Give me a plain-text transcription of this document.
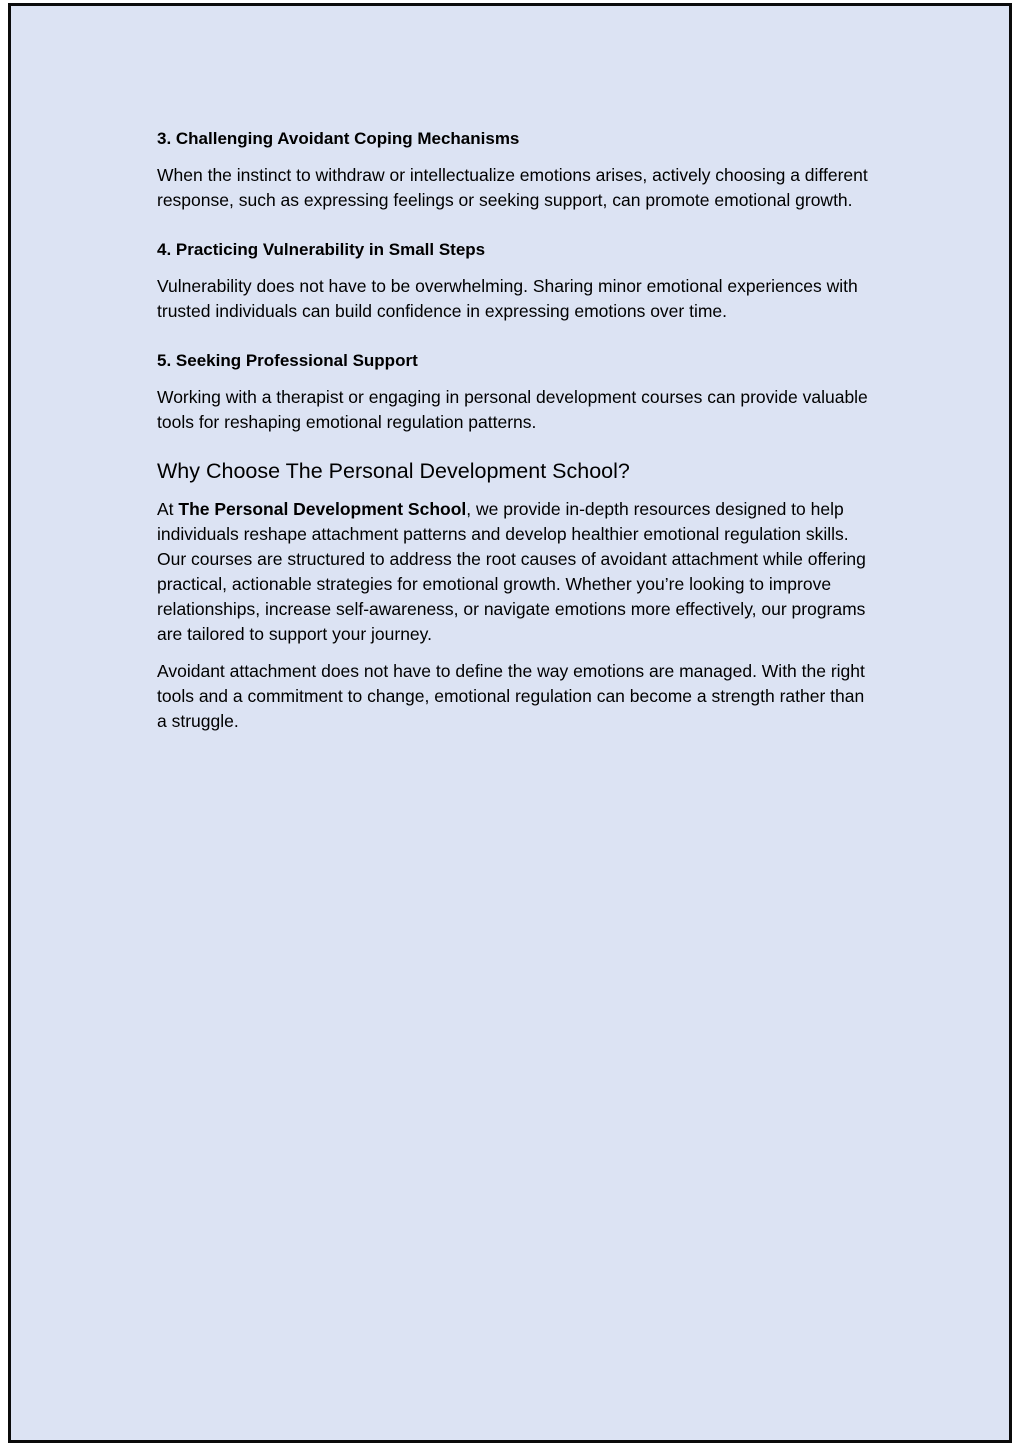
3. Challenging Avoidant Coping Mechanisms
When the instinct to withdraw or intellectualize emotions arises, actively choosing a different response, such as expressing feelings or seeking support, can promote emotional growth.
4. Practicing Vulnerability in Small Steps
Vulnerability does not have to be overwhelming. Sharing minor emotional experiences with trusted individuals can build confidence in expressing emotions over time.
5. Seeking Professional Support
Working with a therapist or engaging in personal development courses can provide valuable tools for reshaping emotional regulation patterns.
Why Choose The Personal Development School?
At The Personal Development School, we provide in-depth resources designed to help individuals reshape attachment patterns and develop healthier emotional regulation skills. Our courses are structured to address the root causes of avoidant attachment while offering practical, actionable strategies for emotional growth. Whether you’re looking to improve relationships, increase self-awareness, or navigate emotions more effectively, our programs are tailored to support your journey.
Avoidant attachment does not have to define the way emotions are managed. With the right tools and a commitment to change, emotional regulation can become a strength rather than a struggle.
